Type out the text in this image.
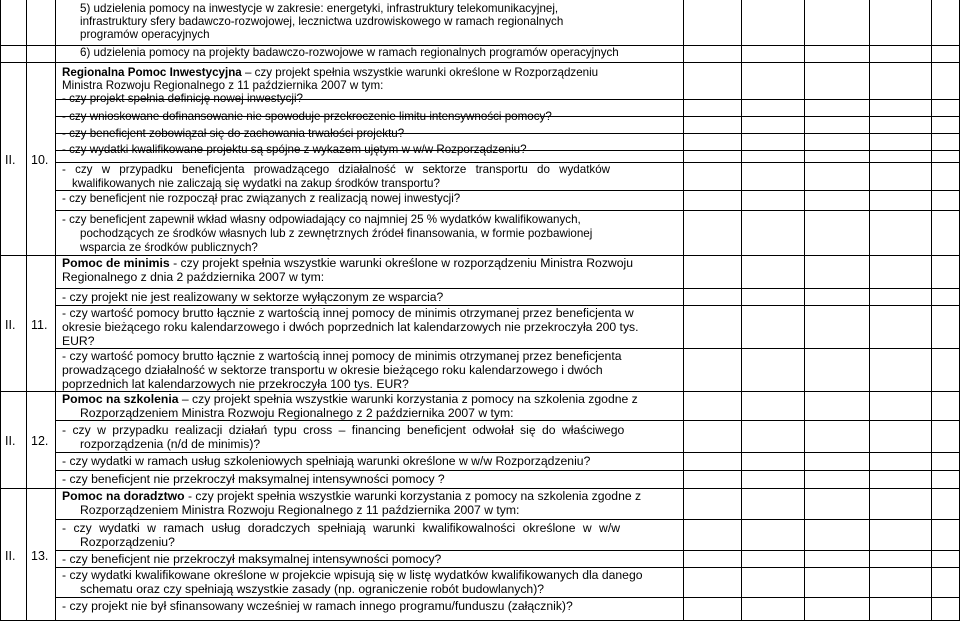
5) udzielenia pomocy na inwestycje w zakresie: energetyki, infrastruktury telekomunikacyjnej,
infrastruktury sfery badawczo-rozwojowej, lecznictwa uzdrowiskowego w ramach regionalnych
programów operacyjnych
6) udzielenia pomocy na projekty badawczo-rozwojowe w ramach regionalnych programów operacyjnych
II. 10.
Regionalna Pomoc Inwestycyjna – czy projekt spełnia wszystkie warunki określone w Rozporządzeniu
Ministra Rozwoju Regionalnego z 11 października 2007 w tym:
- czy projekt spełnia definicję nowej inwestycji?
- czy wnioskowane dofinansowanie nie spowoduje przekroczenie limitu intensywności pomocy?
- czy beneficjent zobowiązał się do zachowania trwałości projektu?
- czy wydatki kwalifikowane projektu są spójne z wykazem ujętym w w/w Rozporządzeniu?
- czy w przypadku beneficjenta prowadzącego działalność w sektorze transportu do wydatków
kwalifikowanych nie zaliczają się wydatki na zakup środków transportu?
- czy beneficjent nie rozpoczął prac związanych z realizacją nowej inwestycji?
- czy beneficjent zapewnił wkład własny odpowiadający co najmniej 25 % wydatków kwalifikowanych,
pochodzących ze środków własnych lub z zewnętrznych źródeł finansowania, w formie pozbawionej
wsparcia ze środków publicznych?
II. 11.
Pomoc de minimis - czy projekt spełnia wszystkie warunki określone w rozporządzeniu Ministra Rozwoju
Regionalnego z dnia 2 października 2007 w tym:
- czy projekt nie jest realizowany w sektorze wyłączonym ze wsparcia?
- czy wartość pomocy brutto łącznie z wartością innej pomocy de minimis otrzymanej przez beneficjenta w
okresie bieżącego roku kalendarzowego i dwóch poprzednich lat kalendarzowych nie przekroczyła 200 tys.
EUR?
- czy wartość pomocy brutto łącznie z wartością innej pomocy de minimis otrzymanej przez beneficjenta
prowadzącego działalność w sektorze transportu w okresie bieżącego roku kalendarzowego i dwóch
poprzednich lat kalendarzowych nie przekroczyła 100 tys. EUR?
II. 12.
Pomoc na szkolenia – czy projekt spełnia wszystkie warunki korzystania z pomocy na szkolenia zgodne z
Rozporządzeniem Ministra Rozwoju Regionalnego z 2 października 2007 w tym:
- czy w przypadku realizacji działań typu cross – financing beneficjent odwołał się do właściwego
rozporządzenia (n/d de minimis)?
- czy wydatki w ramach usług szkoleniowych spełniają warunki określone w w/w Rozporządzeniu?
- czy beneficjent nie przekroczył maksymalnej intensywności pomocy ?
II. 13.
Pomoc na doradztwo - czy projekt spełnia wszystkie warunki korzystania z pomocy na szkolenia zgodne z
Rozporządzeniem Ministra Rozwoju Regionalnego z 11 października 2007 w tym:
- czy wydatki w ramach usług doradczych spełniają warunki kwalifikowalności określone w w/w
Rozporządzeniu?
- czy beneficjent nie przekroczył maksymalnej intensywności pomocy?
- czy wydatki kwalifikowane określone w projekcie wpisują się w listę wydatków kwalifikowanych dla danego
schematu oraz czy spełniają wszystkie zasady (np. ograniczenie robót budowlanych)?
- czy projekt nie był sfinansowany wcześniej w ramach innego programu/funduszu (załącznik)?
